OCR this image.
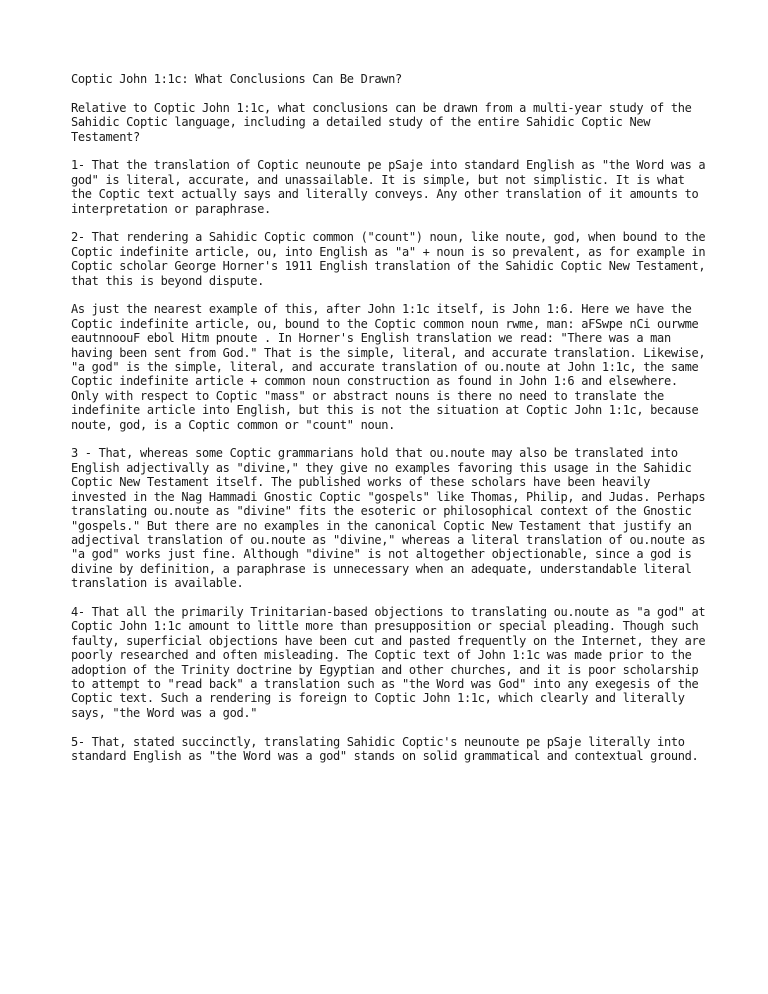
Coptic John 1:1c: What Conclusions Can Be Drawn?

Relative to Coptic John 1:1c, what conclusions can be drawn from a multi-year study of the Sahidic Coptic language, including a detailed study of the entire Sahidic Coptic New Testament?

1- That the translation of Coptic neunoute pe pSaje into standard English as "the Word was a god" is literal, accurate, and unassailable. It is simple, but not simplistic. It is what the Coptic text actually says and literally conveys. Any other translation of it amounts to interpretation or paraphrase.

2- That rendering a Sahidic Coptic common ("count") noun, like noute, god, when bound to the Coptic indefinite article, ou, into English as "a" + noun is so prevalent, as for example in Coptic scholar George Horner's 1911 English translation of the Sahidic Coptic New Testament, that this is beyond dispute.

As just the nearest example of this, after John 1:1c itself, is John 1:6. Here we have the Coptic indefinite article, ou, bound to the Coptic common noun rwme, man: aFSwpe nCi ourwme eautnnoouF ebol Hitm pnoute . In Horner's English translation we read: "There was a man having been sent from God." That is the simple, literal, and accurate translation. Likewise, "a god" is the simple, literal, and accurate translation of ou.noute at John 1:1c, the same Coptic indefinite article + common noun construction as found in John 1:6 and elsewhere. Only with respect to Coptic "mass" or abstract nouns is there no need to translate the indefinite article into English, but this is not the situation at Coptic John 1:1c, because noute, god, is a Coptic common or "count" noun.

3 - That, whereas some Coptic grammarians hold that ou.noute may also be translated into English adjectivally as "divine," they give no examples favoring this usage in the Sahidic Coptic New Testament itself. The published works of these scholars have been heavily invested in the Nag Hammadi Gnostic Coptic "gospels" like Thomas, Philip, and Judas. Perhaps translating ou.noute as "divine" fits the esoteric or philosophical context of the Gnostic "gospels." But there are no examples in the canonical Coptic New Testament that justify an adjectival translation of ou.noute as "divine," whereas a literal translation of ou.noute as "a god" works just fine. Although "divine" is not altogether objectionable, since a god is divine by definition, a paraphrase is unnecessary when an adequate, understandable literal translation is available.

4- That all the primarily Trinitarian-based objections to translating ou.noute as "a god" at Coptic John 1:1c amount to little more than presupposition or special pleading. Though such faulty, superficial objections have been cut and pasted frequently on the Internet, they are poorly researched and often misleading. The Coptic text of John 1:1c was made prior to the adoption of the Trinity doctrine by Egyptian and other churches, and it is poor scholarship to attempt to "read back" a translation such as "the Word was God" into any exegesis of the Coptic text. Such a rendering is foreign to Coptic John 1:1c, which clearly and literally says, "the Word was a god."

5- That, stated succinctly, translating Sahidic Coptic's neunoute pe pSaje literally into standard English as "the Word was a god" stands on solid grammatical and contextual ground.
